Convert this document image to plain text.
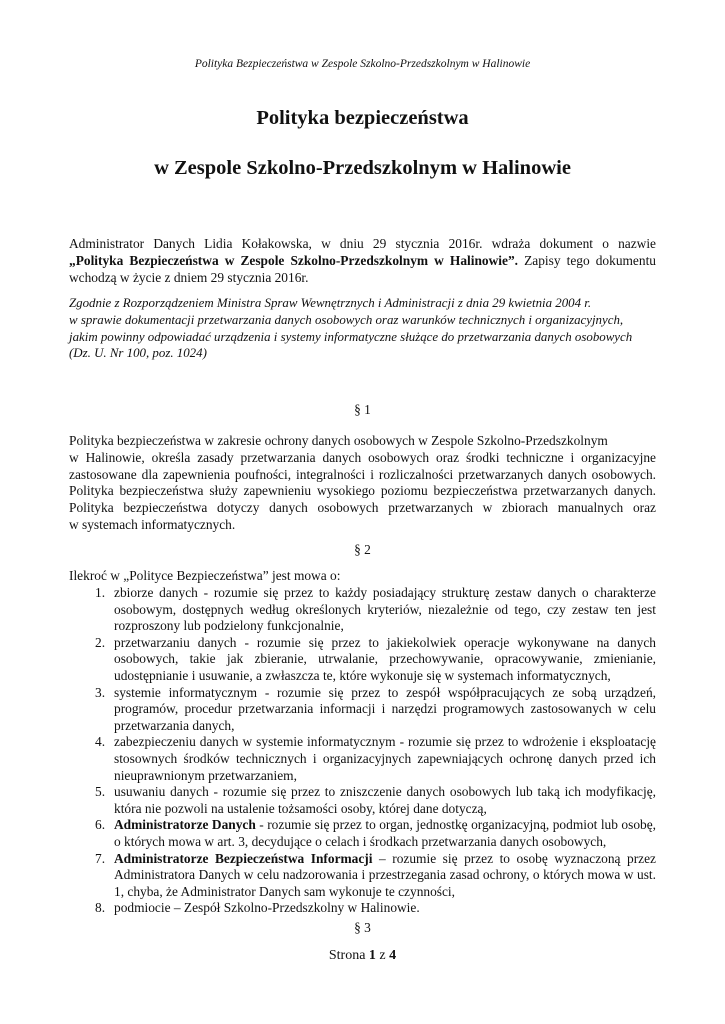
Polityka Bezpieczeństwa w Zespole Szkolno-Przedszkolnym w Halinowie
Polityka bezpieczeństwa
w Zespole Szkolno-Przedszkolnym w Halinowie
Administrator Danych Lidia Kołakowska, w dniu 29 stycznia 2016r. wdraża dokument o nazwie
„Polityka Bezpieczeństwa w Zespole Szkolno-Przedszkolnym w Halinowie”. Zapisy tego dokumentu
wchodzą w życie z dniem 29 stycznia 2016r.
Zgodnie z Rozporządzeniem Ministra Spraw Wewnętrznych i Administracji z dnia 29 kwietnia 2004 r.
w sprawie dokumentacji przetwarzania danych osobowych oraz warunków technicznych i organizacyjnych,
jakim powinny odpowiadać urządzenia i systemy informatyczne służące do przetwarzania danych osobowych
(Dz. U. Nr 100, poz. 1024)
§ 1
Polityka bezpieczeństwa w zakresie ochrony danych osobowych w Zespole Szkolno-Przedszkolnym
w Halinowie, określa zasady przetwarzania danych osobowych oraz środki techniczne i organizacyjne
zastosowane dla zapewnienia poufności, integralności i rozliczalności przetwarzanych danych osobowych.
Polityka bezpieczeństwa służy zapewnieniu wysokiego poziomu bezpieczeństwa przetwarzanych danych.
Polityka bezpieczeństwa dotyczy danych osobowych przetwarzanych w zbiorach manualnych oraz
w systemach informatycznych.
§ 2
Ilekroć w „Polityce Bezpieczeństwa” jest mowa o:
1. zbiorze danych - rozumie się przez to każdy posiadający strukturę zestaw danych o charakterze osobowym, dostępnych według określonych kryteriów, niezależnie od tego, czy zestaw ten jest rozproszony lub podzielony funkcjonalnie,
2. przetwarzaniu danych - rozumie się przez to jakiekolwiek operacje wykonywane na danych osobowych, takie jak zbieranie, utrwalanie, przechowywanie, opracowywanie, zmienianie, udostępnianie i usuwanie, a zwłaszcza te, które wykonuje się w systemach informatycznych,
3. systemie informatycznym - rozumie się przez to zespół współpracujących ze sobą urządzeń, programów, procedur przetwarzania informacji i narzędzi programowych zastosowanych w celu przetwarzania danych,
4. zabezpieczeniu danych w systemie informatycznym - rozumie się przez to wdrożenie i eksploatację stosownych środków technicznych i organizacyjnych zapewniających ochronę danych przed ich nieuprawnionym przetwarzaniem,
5. usuwaniu danych - rozumie się przez to zniszczenie danych osobowych lub taką ich modyfikację, która nie pozwoli na ustalenie tożsamości osoby, której dane dotyczą,
6. Administratorze Danych - rozumie się przez to organ, jednostkę organizacyjną, podmiot lub osobę, o których mowa w art. 3, decydujące o celach i środkach przetwarzania danych osobowych,
7. Administratorze Bezpieczeństwa Informacji – rozumie się przez to osobę wyznaczoną przez Administratora Danych w celu nadzorowania i przestrzegania zasad ochrony, o których mowa w ust. 1, chyba, że Administrator Danych sam wykonuje te czynności,
8. podmiocie – Zespół Szkolno-Przedszkolny w Halinowie.
§ 3
Strona 1 z 4
